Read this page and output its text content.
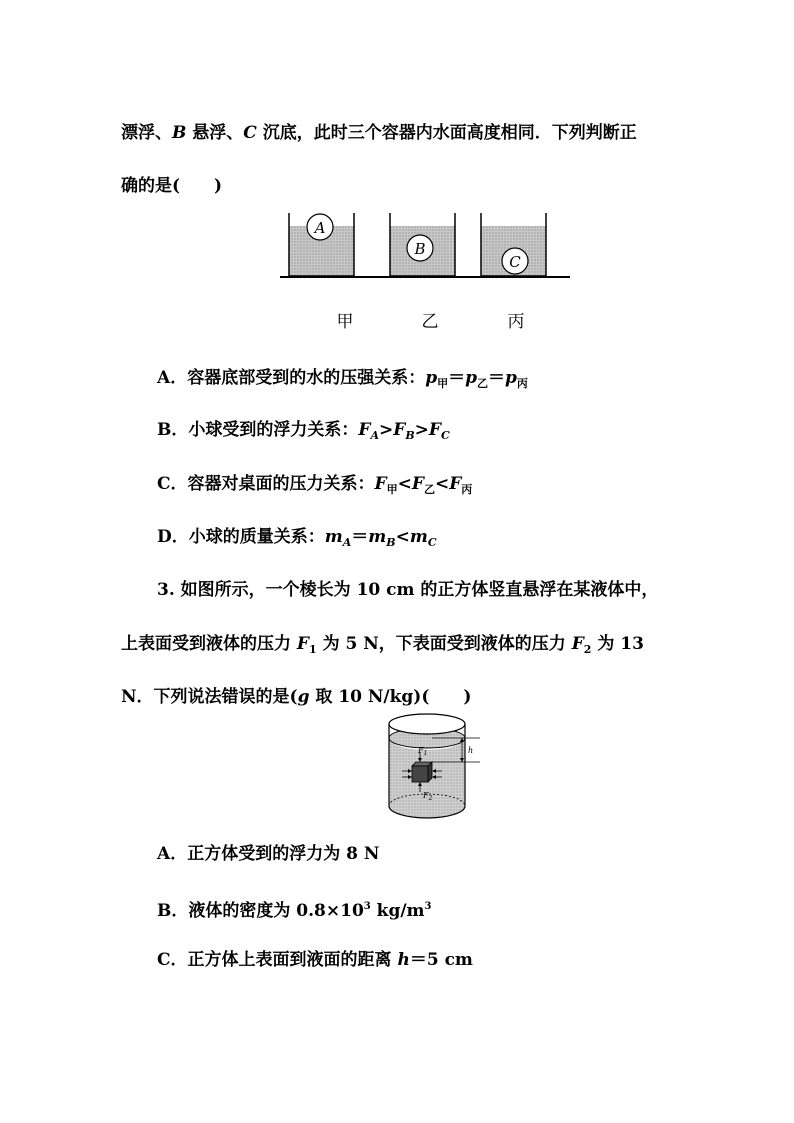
漂浮、B 悬浮、C 沉底，此时三个容器内水面高度相同．下列判断正
确的是(　　)
A
B
C
甲	乙	丙
A．容器底部受到的水的压强关系：$p_甲=p_乙=p_丙$
B．小球受到的浮力关系：$F_A>F_B>F_C$
C．容器对桌面的压力关系：$F_甲<F_乙<F_丙$
D．小球的质量关系：$m_A=m_B<m_C$
3. 如图所示，一个棱长为 10 cm 的正方体竖直悬浮在某液体中，
上表面受到液体的压力 $F_1$ 为 5 N，下表面受到液体的压力 $F_2$ 为 13
N．下列说法错误的是(g 取 10 N/kg)(　　)
$F_1$
$F_2$
h
A．正方体受到的浮力为 8 N
B．液体的密度为 $0.8\times 10^3$ $kg/m^3$
C．正方体上表面到液面的距离 h＝5 cm
